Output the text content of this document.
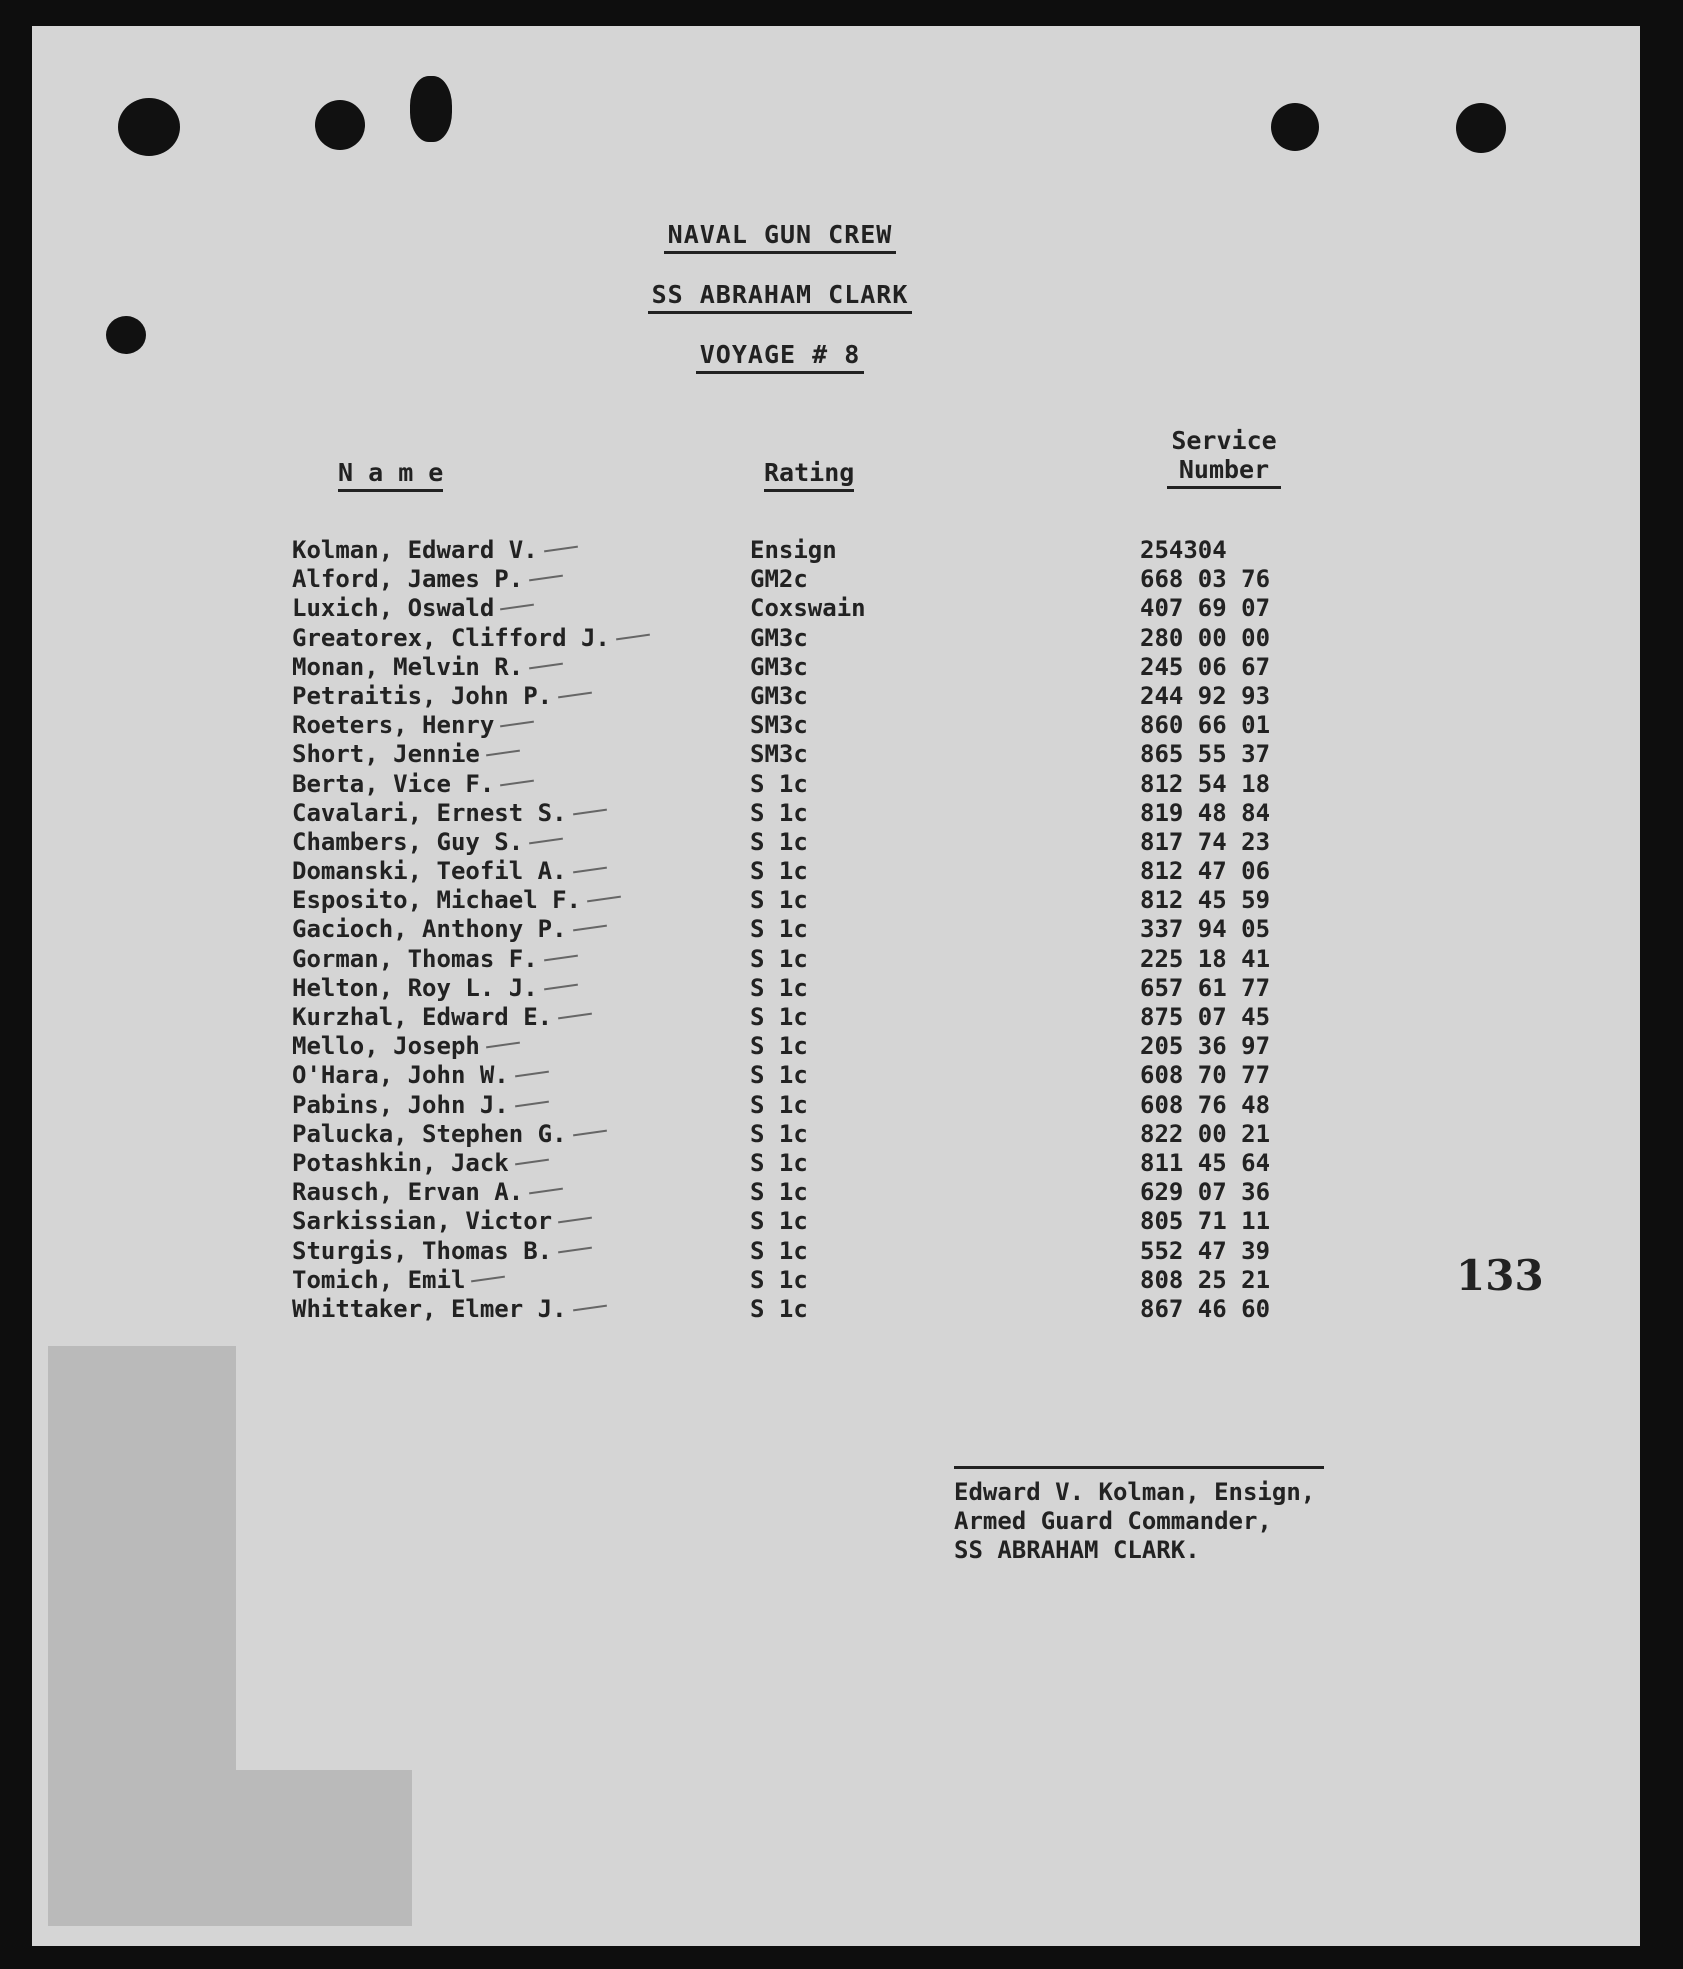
NAVAL GUN CREW
SS ABRAHAM CLARK
VOYAGE # 8
N a m e	Rating
Service
Number
Kolman, Edward V.	Ensign	254304
Alford, James P.	GM2c	668 03 76
Luxich, Oswald	Coxswain	407 69 07
Greatorex, Clifford J.	GM3c	280 00 00
Monan, Melvin R.	GM3c	245 06 67
Petraitis, John P.	GM3c	244 92 93
Roeters, Henry	SM3c	860 66 01
Short, Jennie	SM3c	865 55 37
Berta, Vice F.	S 1c	812 54 18
Cavalari, Ernest S.	S 1c	819 48 84
Chambers, Guy S.	S 1c	817 74 23
Domanski, Teofil A.	S 1c	812 47 06
Esposito, Michael F.	S 1c	812 45 59
Gacioch, Anthony P.	S 1c	337 94 05
Gorman, Thomas F.	S 1c	225 18 41
Helton, Roy L. J.	S 1c	657 61 77
Kurzhal, Edward E.	S 1c	875 07 45
Mello, Joseph	S 1c	205 36 97
O'Hara, John W.	S 1c	608 70 77
Pabins, John J.	S 1c	608 76 48
Palucka, Stephen G.	S 1c	822 00 21
Potashkin, Jack	S 1c	811 45 64
Rausch, Ervan A.	S 1c	629 07 36
Sarkissian, Victor	S 1c	805 71 11
Sturgis, Thomas B.	S 1c	552 47 39
Tomich, Emil	S 1c	808 25 21
Whittaker, Elmer J.	S 1c	867 46 60
133
Edward V. Kolman, Ensign,
Armed Guard Commander,
SS ABRAHAM CLARK.
